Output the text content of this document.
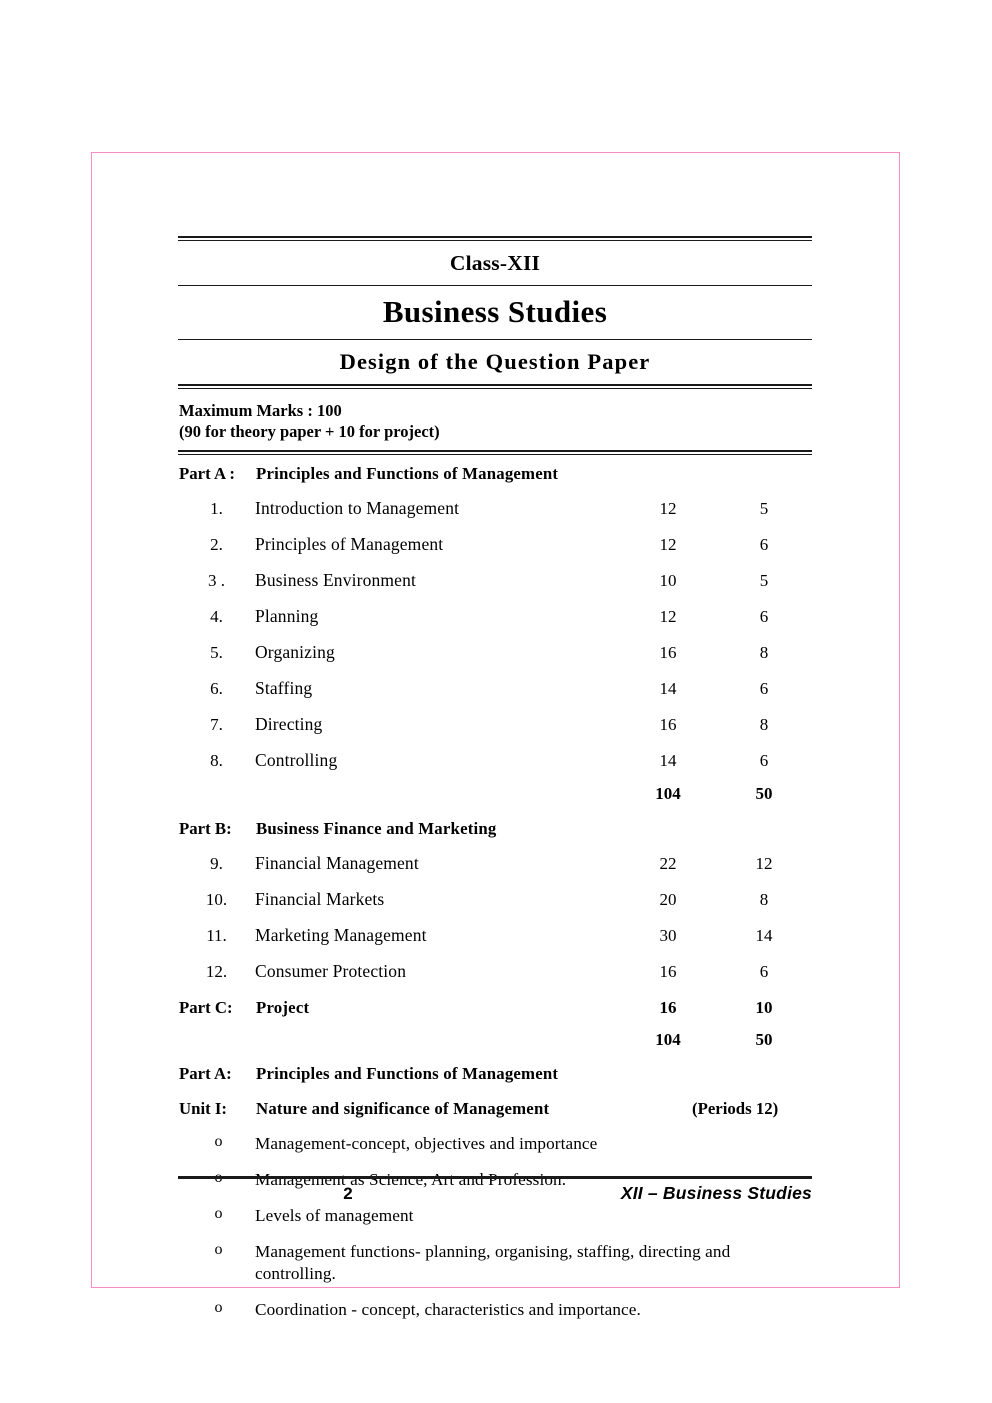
Class-XII
Business Studies
Design of the Question Paper
Maximum Marks : 100
(90 for theory paper + 10 for project)
Part A :	Principles and Functions of Management
1.	Introduction to Management	12	5
2.	Principles of Management	12	6
3 .	Business Environment	10	5
4.	Planning	12	6
5.	Organizing	16	8
6.	Staffing	14	6
7.	Directing	16	8
8.	Controlling	14	6
104	50
Part B:	Business Finance and Marketing
9.	Financial Management	22	12
10.	Financial Markets	20	8
11.	Marketing Management	30	14
12.	Consumer Protection	16	6
Part C:	Project	16	10
104	50
Part A:	Principles and Functions of Management
Unit I:	Nature and significance of Management	(Periods 12)
o	Management-concept, objectives and importance
o	Management as Science, Art and Profession.
o	Levels of management
o	Management functions- planning, organising, staffing, directing and controlling.
o	Coordination - concept, characteristics and importance.
2	XII – Business Studies
